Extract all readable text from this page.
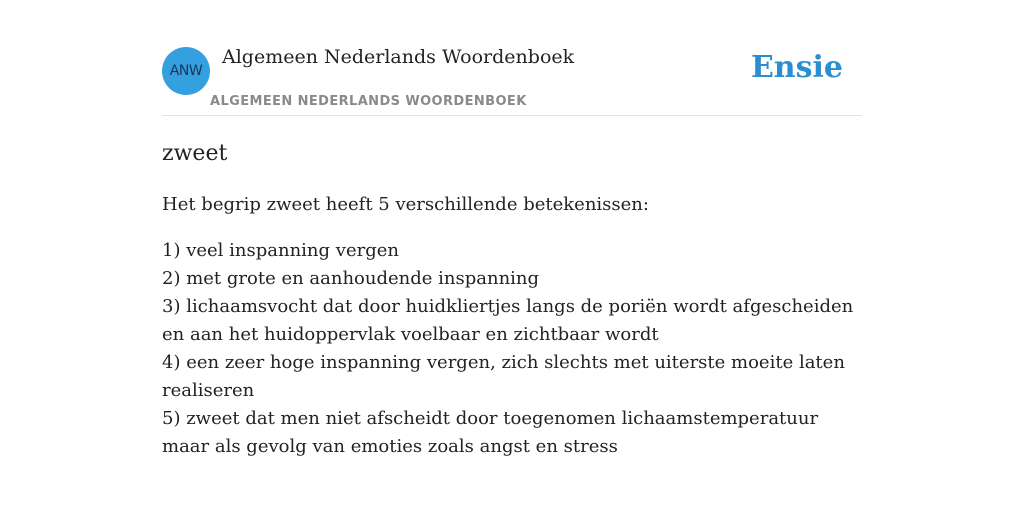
ANW
Algemeen Nederlands Woordenboek
ALGEMEEN NEDERLANDS WOORDENBOEK
Ensie
zweet

Het begrip zweet heeft 5 verschillende betekenissen:

1) veel inspanning vergen
2) met grote en aanhoudende inspanning
3) lichaamsvocht dat door huidkliertjes langs de poriën wordt afgescheiden en aan het huidoppervlak voelbaar en zichtbaar wordt
4) een zeer hoge inspanning vergen, zich slechts met uiterste moeite laten realiseren
5) zweet dat men niet afscheidt door toegenomen lichaamstemperatuur maar als gevolg van emoties zoals angst en stress
